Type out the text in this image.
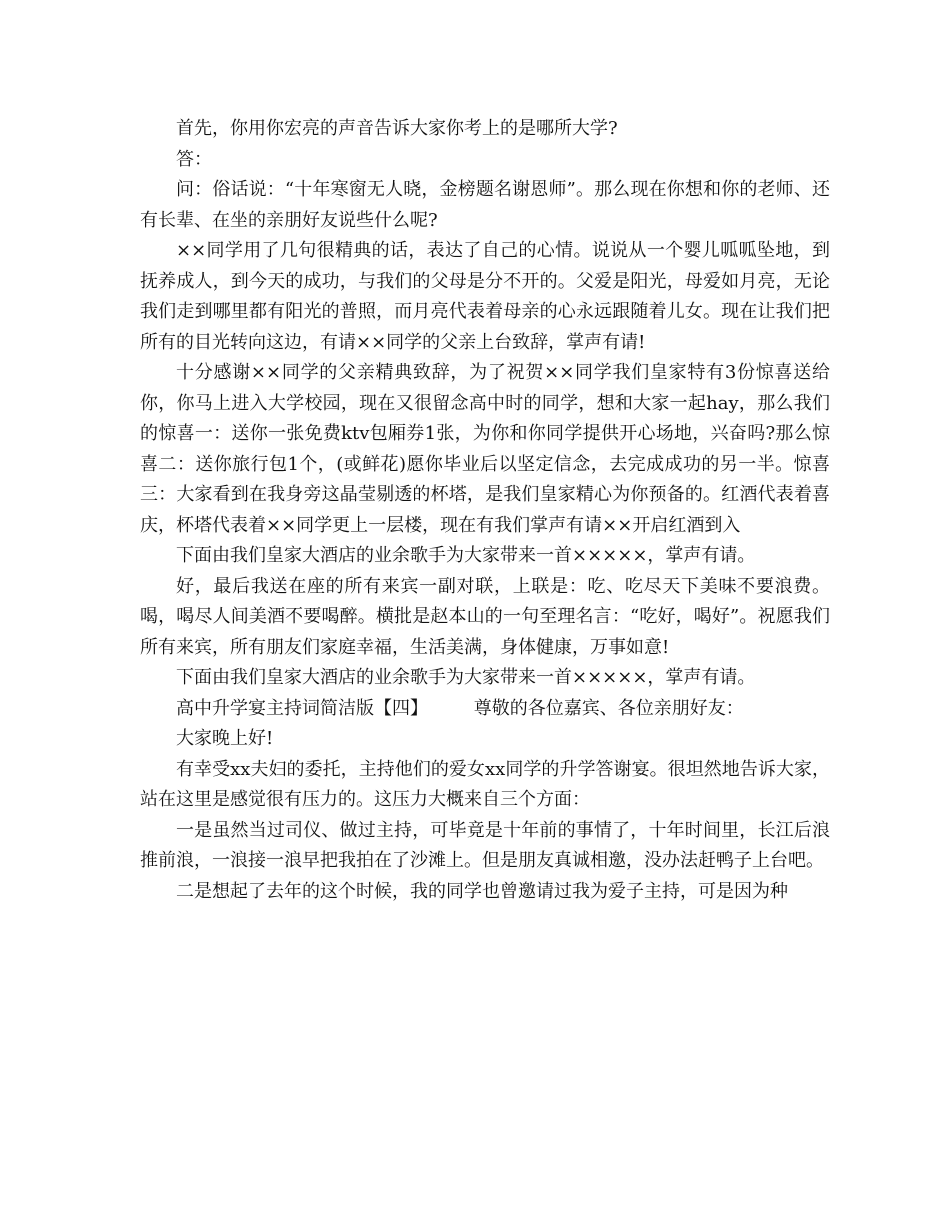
首先，你用你宏亮的声音告诉大家你考上的是哪所大学?

答：

问：俗话说：“十年寒窗无人晓，金榜题名谢恩师”。那么现在你想和你的老师、还有长辈、在坐的亲朋好友说些什么呢?

××同学用了几句很精典的话，表达了自己的心情。说说从一个婴儿呱呱坠地，到抚养成人，到今天的成功，与我们的父母是分不开的。父爱是阳光，母爱如月亮，无论我们走到哪里都有阳光的普照，而月亮代表着母亲的心永远跟随着儿女。现在让我们把所有的目光转向这边，有请××同学的父亲上台致辞，掌声有请!

十分感谢××同学的父亲精典致辞，为了祝贺××同学我们皇家特有3份惊喜送给你，你马上进入大学校园，现在又很留念高中时的同学，想和大家一起hay，那么我们的惊喜一：送你一张免费ktv包厢券1张，为你和你同学提供开心场地，兴奋吗?那么惊喜二：送你旅行包1个，(或鲜花)愿你毕业后以坚定信念，去完成成功的另一半。惊喜三：大家看到在我身旁这晶莹剔透的杯塔，是我们皇家精心为你预备的。红酒代表着喜庆，杯塔代表着××同学更上一层楼，现在有我们掌声有请××开启红酒到入

下面由我们皇家大酒店的业余歌手为大家带来一首×××××，掌声有请。

好，最后我送在座的所有来宾一副对联，上联是：吃、吃尽天下美味不要浪费。喝，喝尽人间美酒不要喝醉。横批是赵本山的一句至理名言：“吃好，喝好”。祝愿我们所有来宾，所有朋友们家庭幸福，生活美满，身体健康，万事如意!

下面由我们皇家大酒店的业余歌手为大家带来一首×××××，掌声有请。

高中升学宴主持词简洁版【四】        尊敬的各位嘉宾、各位亲朋好友：

大家晚上好!

有幸受xx夫妇的委托，主持他们的爱女xx同学的升学答谢宴。很坦然地告诉大家，站在这里是感觉很有压力的。这压力大概来自三个方面：

一是虽然当过司仪、做过主持，可毕竟是十年前的事情了，十年时间里，长江后浪推前浪，一浪接一浪早把我拍在了沙滩上。但是朋友真诚相邀，没办法赶鸭子上台吧。

二是想起了去年的这个时候，我的同学也曾邀请过我为爱子主持，可是因为种
